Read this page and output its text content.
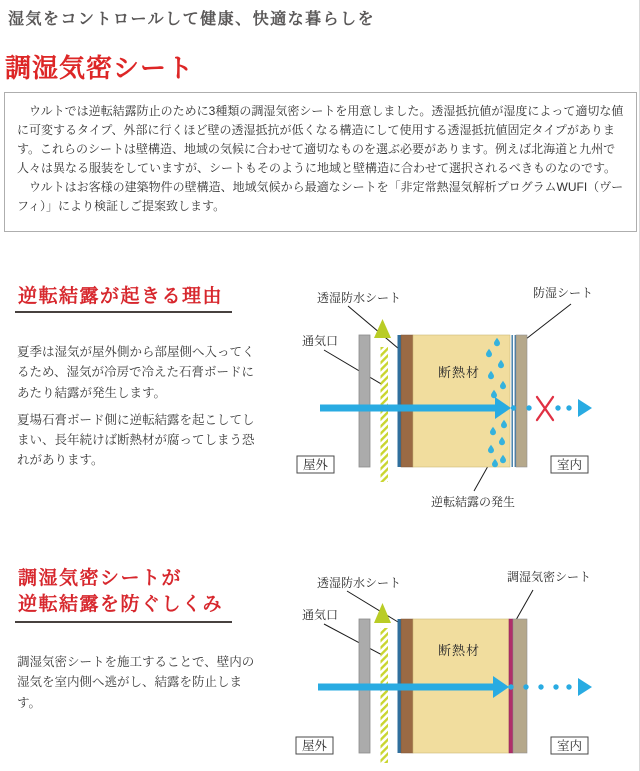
湿気をコントロールして健康、快適な暮らしを
調湿気密シート

　ウルトでは逆転結露防止のために3種類の調湿気密シートを用意しました。透湿抵抗値が湿度によって適切な値に可変するタイプ、外部に行くほど壁の透湿抵抗が低くなる構造にして使用する透湿抵抗値固定タイプがあります。これらのシートは壁構造、地域の気候に合わせて適切なものを選ぶ必要があります。例えば北海道と九州で人々は異なる服装をしていますが、シートもそのように地域と壁構造に合わせて選択されるべきものなのです。

　ウルトはお客様の建築物件の壁構造、地域気候から最適なシートを「非定常熱湿気解析プログラムWUFI（ヴーフィ）」により検証しご提案致します。

逆転結露が起きる理由

夏季は湿気が屋外側から部屋側へ入ってくるため、湿気が冷房で冷えた石膏ボードにあたり結露が発生します。

夏場石膏ボード側に逆転結露を起こしてしまい、長年続けば断熱材が腐ってしまう恐れがあります。

透湿防水シート
通気口
防湿シート
断熱材
逆転結露の発生
屋外	室内
調湿気密シートが
逆転結露を防ぐしくみ

調湿気密シートを施工することで、壁内の湿気を室内側へ逃がし、結露を防止します。

透湿防水シート
通気口
調湿気密シート
断熱材
屋外	室内
